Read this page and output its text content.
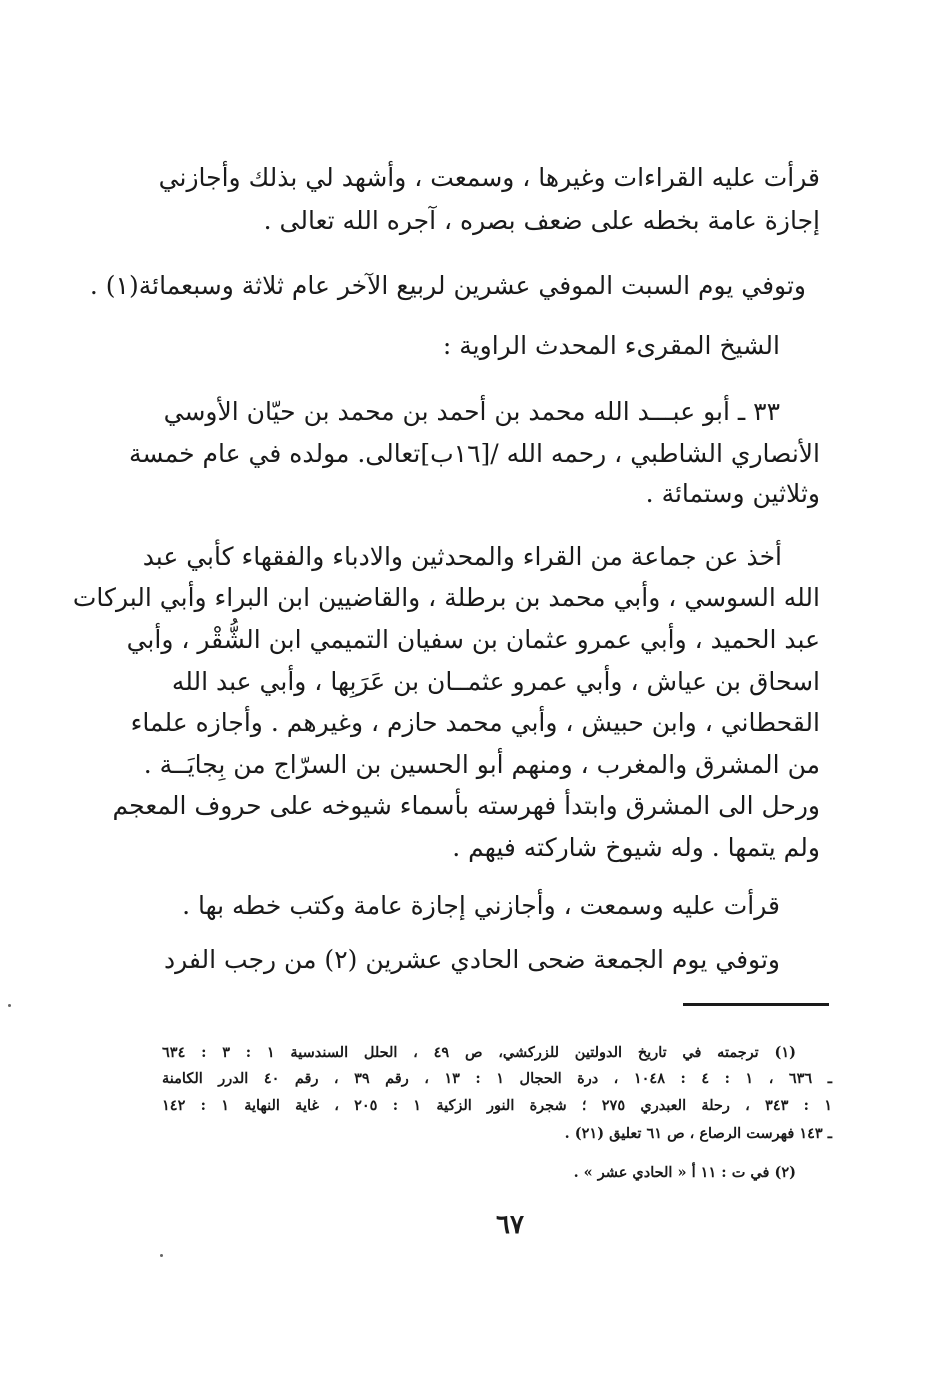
قرأت عليه القراءات وغيرها ، وسمعت ، وأشهد لي بذلك وأجازني
إجازة عامة بخطه على ضعف بصره ، آجره الله تعالى .
وتوفي يوم السبت الموفي عشرين لربيع الآخر عام ثلاثة وسبعمائة(١) .
الشيخ المقرىء المحدث الراوية :
٣٣ ـ أبو عبـــد الله محمد بن أحمد بن محمد بن حيّان الأوسي
الأنصاري الشاطبي ، رحمه الله /[١٦ب]تعالى. مولده في عام خمسة
وثلاثين وستمائة .
أخذ عن جماعة من القراء والمحدثين والادباء والفقهاء كأبي عبد
الله السوسي ، وأبي محمد بن برطلة ، والقاضيين ابن البراء وأبي البركات
عبد الحميد ، وأبي عمرو عثمان بن سفيان التميمي ابن الشُّقْر ، وأبي
اسحاق بن عياش ، وأبي عمرو عثمــان بن عَرَبِها ، وأبي عبد الله
القحطاني ، وابن حبيش ، وأبي محمد حازم ، وغيرهم . وأجازه علماء
من المشرق والمغرب ، ومنهم أبو الحسين بن السرّاج من بِجايَــة .
ورحل الى المشرق وابتدأ فهرسته بأسماء شيوخه على حروف المعجم
ولم يتمها . وله شيوخ شاركته فيهم .
قرأت عليه وسمعت ، وأجازني إجازة عامة وكتب خطه بها .
وتوفي يوم الجمعة ضحى الحادي عشرين (٢) من رجب الفرد
(١) ترجمته في تاريخ الدولتين للزركشي، ص ٤٩ ، الحلل السندسية ١ : ٣ : ٦٣٤
ـ ٦٣٦ ، ١ : ٤ : ١٠٤٨ ، درة الحجال ١ : ١٣ ، رقم ٣٩ ، رقم ٤٠ الدرر الكامنة
١ : ٣٤٣ ، رحلة العبدري ٢٧٥ ؛ شجرة النور الزكية ١ : ٢٠٥ ، غاية النهاية ١ : ١٤٢
ـ ١٤٣ فهرست الرصاع ، ص ٦١ تعليق (٢١) .
(٢) في ت : ١١ أ « الحادي عشر » .
٦٧
